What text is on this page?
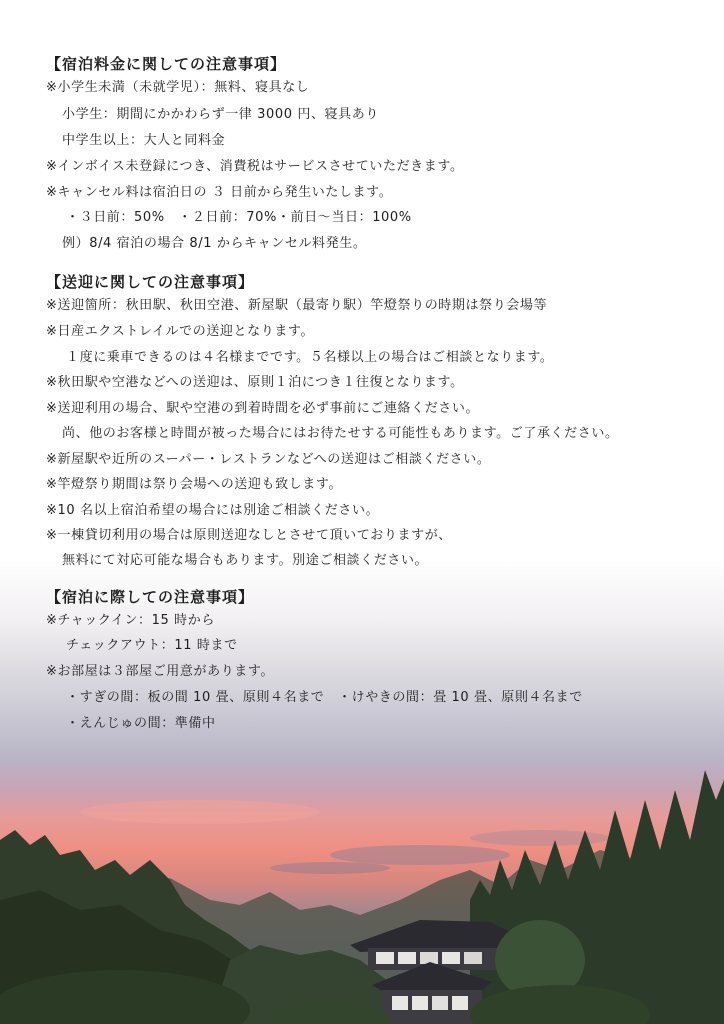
【宿泊料金に関しての注意事項】
※小学生未満（未就学児）：無料、寝具なし
小学生：期間にかかわらず一律 3000 円、寝具あり
中学生以上：大人と同料金
※インボイス未登録につき、消費税はサービスさせていただきます。
※キャンセル料は宿泊日の ３ 日前から発生いたします。
・３日前：50%　・２日前：70%・前日～当日：100%
例）8/4 宿泊の場合 8/1 からキャンセル料発生。
【送迎に関しての注意事項】
※送迎箇所：秋田駅、秋田空港、新屋駅（最寄り駅）竿燈祭りの時期は祭り会場等
※日産エクストレイルでの送迎となります。
１度に乗車できるのは４名様までです。５名様以上の場合はご相談となります。
※秋田駅や空港などへの送迎は、原則１泊につき１往復となります。
※送迎利用の場合、駅や空港の到着時間を必ず事前にご連絡ください。
尚、他のお客様と時間が被った場合にはお待たせする可能性もあります。ご了承ください。
※新屋駅や近所のスーパー・レストランなどへの送迎はご相談ください。
※竿燈祭り期間は祭り会場への送迎も致します。
※10 名以上宿泊希望の場合には別途ご相談ください。
※一棟貸切利用の場合は原則送迎なしとさせて頂いておりますが、
無料にて対応可能な場合もあります。別途ご相談ください。
【宿泊に際しての注意事項】
※チャックイン：15 時から
チェックアウト：11 時まで
※お部屋は３部屋ご用意があります。
・すぎの間：板の間 10 畳、原則４名まで　・けやきの間：畳 10 畳、原則４名まで
・えんじゅの間：準備中
